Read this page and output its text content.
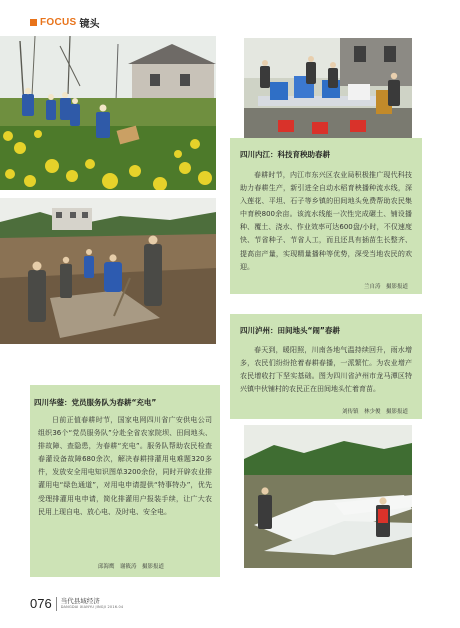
FOCUS 镜头
四川内江：科技育秧助春耕
春耕时节，内江市东兴区农业局积极推广现代科技助力春耕生产，新引进全自动水稻育秧播种流水线，深入莲花、平坦、石子等乡镇的田间地头免费帮助农民集中育秧800余亩。该流水线能一次性完成碾土、铺设播种、覆土、浇水、作业效率可达600盘/小时，不仅速度快、节省种子、节省人工，而且还具有插苗生长整齐、提高亩产量，实现精量播种等优势，深受当地农民的欢迎。
兰自涛　摄影报道
四川泸州：田间地头“闹”春耕
春天到，暖阳照，川南各地气温持续回升，雨水增多，农民们纷纷抢着春耕春播，一派繁忙。为农业增产农民增收打下坚实基础。图为四川省泸州市龙马潭区特兴镇中伙铺村的农民正在田间地头忙着育苗。
刘传镇　林少俊　摄影报道
四川华蓥：党员服务队为春耕“充电”
日前正值春耕时节，国家电网四川省广安供电公司组织36个“党员服务队”分赴全省农家院坝、田间地头、排故障、查隐患，为春耕“充电”。服务队帮助农民检查春灌设备故障680余次，解决春耕排灌用电难题320多件，发放安全用电知识图单3200余份，同时开辟农业排灌用电“绿色通道”，对用电申请提供“特事特办”，优先受理排灌用电申请，简化排灌用户报装手续，让广大农民用上现自电、放心电、及时电、安全电。
邱海鹰　谢筱涛　摄影报道
076 当代县域经济
DANGDAI XIANYU JINGJI 2016.04
